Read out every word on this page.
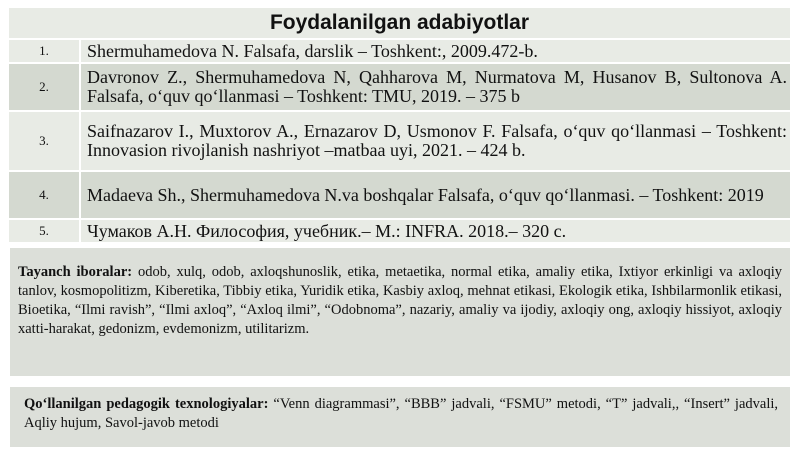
Foydalanilgan adabiyotlar
1.	Shermuhamedova N. Falsafa, darslik – Toshkent:, 2009.472-b.
2.	Davronov Z., Shermuhamedova N, Qahharova M, Nurmatova M, Husanov B, Sultonova A. Falsafa, oʻquv qoʻllanmasi – Toshkent: TMU, 2019. – 375 b
3.	Saifnazarov I., Muxtorov A., Ernazarov D, Usmonov F. Falsafa, oʻquv qoʻllanmasi – Toshkent: Innovasion rivojlanish nashriyot –matbaa uyi, 2021. – 424 b.
4.	Madaeva Sh., Shermuhamedova N.va boshqalar Falsafa, oʻquv qoʻllanmasi. – Toshkent: 2019
5.	Чумаков А.Н. Философия, учебник.– М.: INFRA. 2018.– 320 с.
Tayanch iboralar: odob, xulq, odob, axloqshunoslik, etika, metaetika, normal etika, amaliy etika, Ixtiyor erkinligi va axloqiy tanlov, kosmopolitizm, Kiberetika, Tibbiy etika, Yuridik etika, Kasbiy axloq, mehnat etikasi, Ekologik etika, Ishbilarmonlik etikasi, Bioetika, “Ilmi ravish”, “Ilmi axloq”, “Axloq ilmi”, “Odobnoma”, nazariy, amaliy va ijodiy, axloqiy ong, axloqiy hissiyot, axloqiy xatti-harakat, gedonizm, evdemonizm, utilitarizm.
Qoʻllanilgan pedagogik texnologiyalar: “Venn diagrammasi”, “BBB” jadvali, “FSMU” metodi, “T” jadvali,, “Insert” jadvali, Aqliy hujum, Savol-javob metodi
